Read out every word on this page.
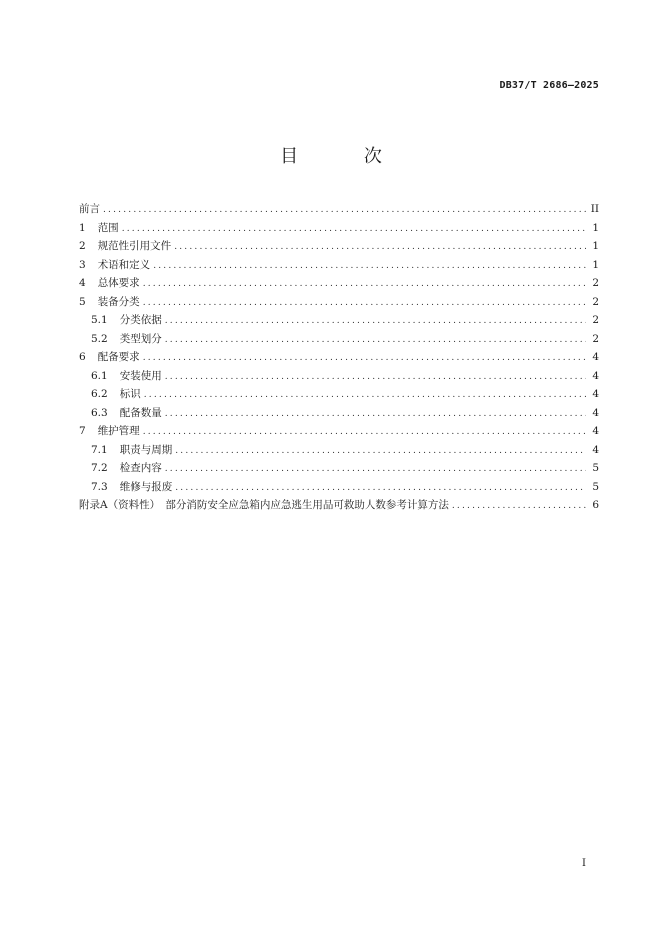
DB37/T 2686—2025
目 次
前言 .....	II
1 范围 .....	1
2 规范性引用文件 .....	1
3 术语和定义 .....	1
4 总体要求 .....	2
5 装备分类 .....	2
5.1 分类依据 .....	2
5.2 类型划分 .....	2
6 配备要求 .....	4
6.1 安装使用 .....	4
6.2 标识 .....	4
6.3 配备数量 .....	4
7 维护管理 .....	4
7.1 职责与周期 .....	4
7.2 检查内容 .....	5
7.3 维修与报废 .....	5
附录A（资料性）　部分消防安全应急箱内应急逃生用品可救助人数参考计算方法 .....	6
I
